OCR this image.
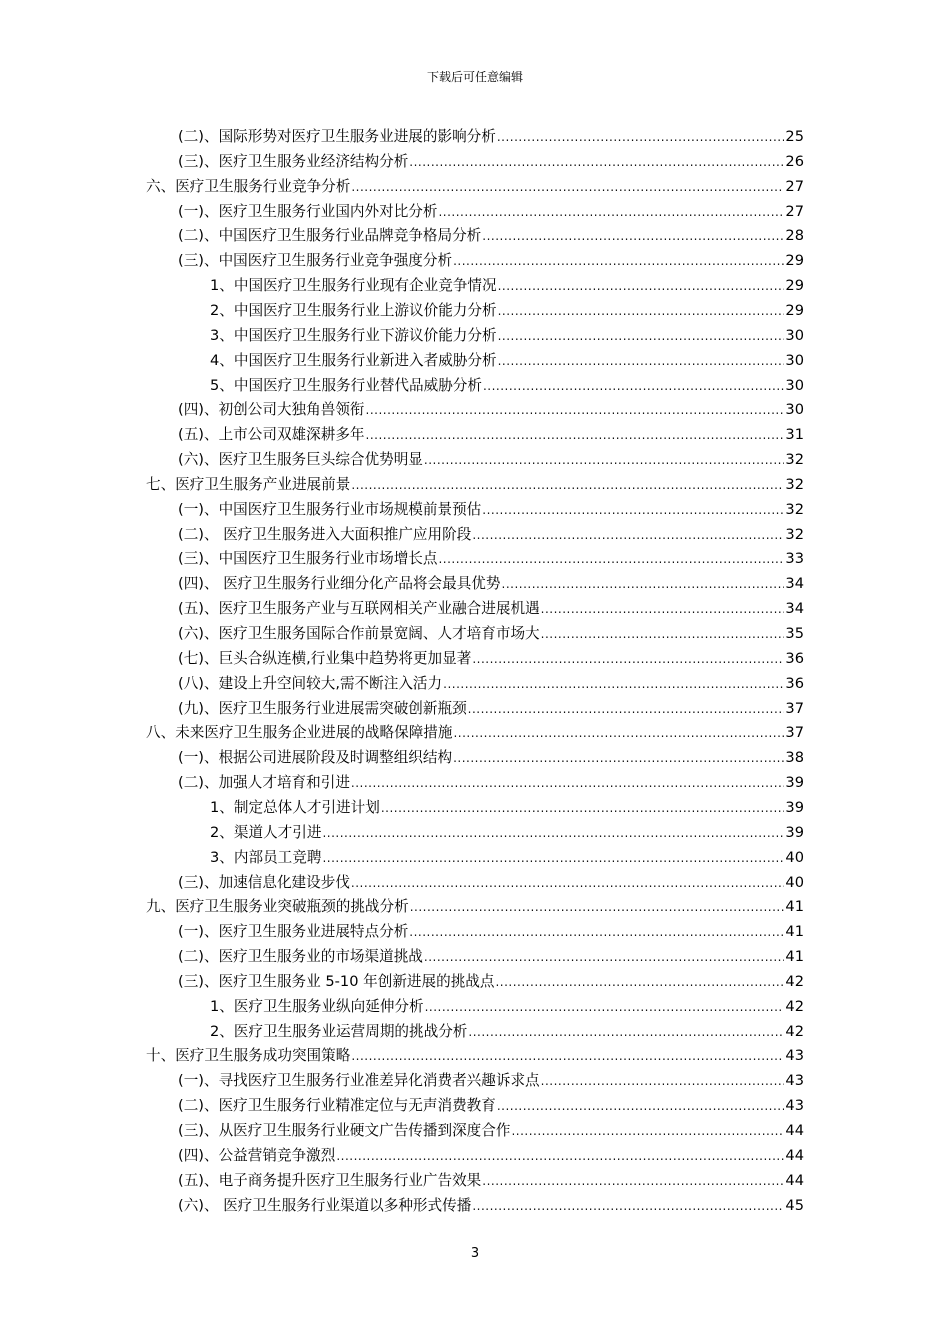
下载后可任意编辑
(二)、国际形势对医疗卫生服务业进展的影响分析 .....	25
(三)、医疗卫生服务业经济结构分析 .....	26
六、医疗卫生服务行业竞争分析 .....	27
(一)、医疗卫生服务行业国内外对比分析 .....	27
(二)、中国医疗卫生服务行业品牌竞争格局分析 .....	28
(三)、中国医疗卫生服务行业竞争强度分析 .....	29
1、中国医疗卫生服务行业现有企业竞争情况 .....	29
2、中国医疗卫生服务行业上游议价能力分析 .....	29
3、中国医疗卫生服务行业下游议价能力分析 .....	30
4、中国医疗卫生服务行业新进入者威胁分析 .....	30
5、中国医疗卫生服务行业替代品威胁分析 .....	30
(四)、初创公司大独角兽领衔 .....	30
(五)、上市公司双雄深耕多年 .....	31
(六)、医疗卫生服务巨头综合优势明显 .....	32
七、医疗卫生服务产业进展前景 .....	32
(一)、中国医疗卫生服务行业市场规模前景预估 .....	32
(二)、 医疗卫生服务进入大面积推广应用阶段 .....	32
(三)、中国医疗卫生服务行业市场增长点 .....	33
(四)、 医疗卫生服务行业细分化产品将会最具优势 .....	34
(五)、医疗卫生服务产业与互联网相关产业融合进展机遇 .....	34
(六)、医疗卫生服务国际合作前景宽阔、人才培育市场大 .....	35
(七)、巨头合纵连横,行业集中趋势将更加显著 .....	36
(八)、建设上升空间较大,需不断注入活力 .....	36
(九)、医疗卫生服务行业进展需突破创新瓶颈 .....	37
八、未来医疗卫生服务企业进展的战略保障措施 .....	37
(一)、根据公司进展阶段及时调整组织结构 .....	38
(二)、加强人才培育和引进 .....	39
1、制定总体人才引进计划 .....	39
2、渠道人才引进 .....	39
3、内部员工竞聘 .....	40
(三)、加速信息化建设步伐 .....	40
九、医疗卫生服务业突破瓶颈的挑战分析 .....	41
(一)、医疗卫生服务业进展特点分析 .....	41
(二)、医疗卫生服务业的市场渠道挑战 .....	41
(三)、医疗卫生服务业 5-10 年创新进展的挑战点 .....	42
1、医疗卫生服务业纵向延伸分析 .....	42
2、医疗卫生服务业运营周期的挑战分析 .....	42
十、医疗卫生服务成功突围策略 .....	43
(一)、寻找医疗卫生服务行业准差异化消费者兴趣诉求点 .....	43
(二)、医疗卫生服务行业精准定位与无声消费教育 .....	43
(三)、从医疗卫生服务行业硬文广告传播到深度合作 .....	44
(四)、公益营销竞争激烈 .....	44
(五)、电子商务提升医疗卫生服务行业广告效果 .....	44
(六)、 医疗卫生服务行业渠道以多种形式传播 .....	45
3
